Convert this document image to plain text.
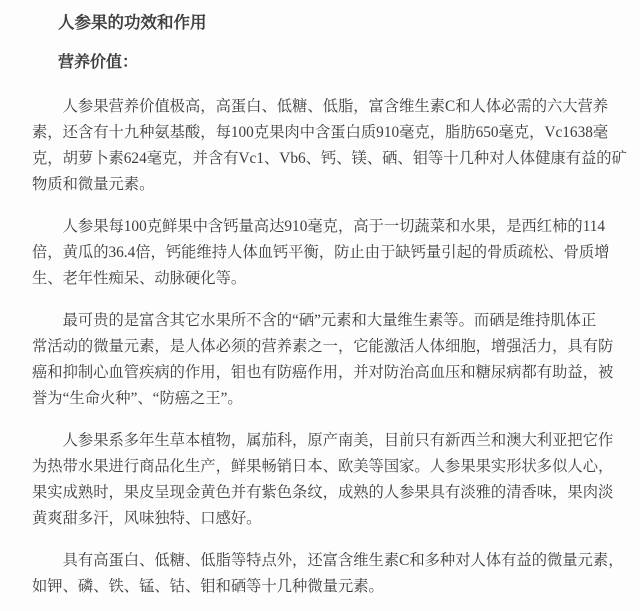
人参果的功效和作用
营养价值：

人参果营养价值极高，高蛋白、低糖、低脂，富含维生素C和人体必需的六大营养
素，还含有十九种氨基酸，每100克果肉中含蛋白质910毫克，脂肪650毫克，Vc1638毫
克，胡萝卜素624毫克，并含有Vc1、Vb6、钙、镁、硒、钼等十几种对人体健康有益的矿
物质和微量元素。

人参果每100克鲜果中含钙量高达910毫克，高于一切蔬菜和水果，是西红柿的114
倍，黄瓜的36.4倍，钙能维持人体血钙平衡，防止由于缺钙量引起的骨质疏松、骨质增
生、老年性痴呆、动脉硬化等。

最可贵的是富含其它水果所不含的“硒”元素和大量维生素等。而硒是维持肌体正
常活动的微量元素，是人体必须的营养素之一，它能激活人体细胞，增强活力，具有防
癌和抑制心血管疾病的作用，钼也有防癌作用，并对防治高血压和糖尿病都有助益，被
誉为“生命火种”、“防癌之王”。

人参果系多年生草本植物，属茄科，原产南美，目前只有新西兰和澳大利亚把它作
为热带水果进行商品化生产，鲜果畅销日本、欧美等国家。人参果果实形状多似人心，
果实成熟时，果皮呈现金黄色并有紫色条纹，成熟的人参果具有淡雅的清香味，果肉淡
黄爽甜多汗，风味独特、口感好。

具有高蛋白、低糖、低脂等特点外，还富含维生素C和多种对人体有益的微量元素，
如钾、磷、铁、锰、钴、钼和硒等十几种微量元素。
